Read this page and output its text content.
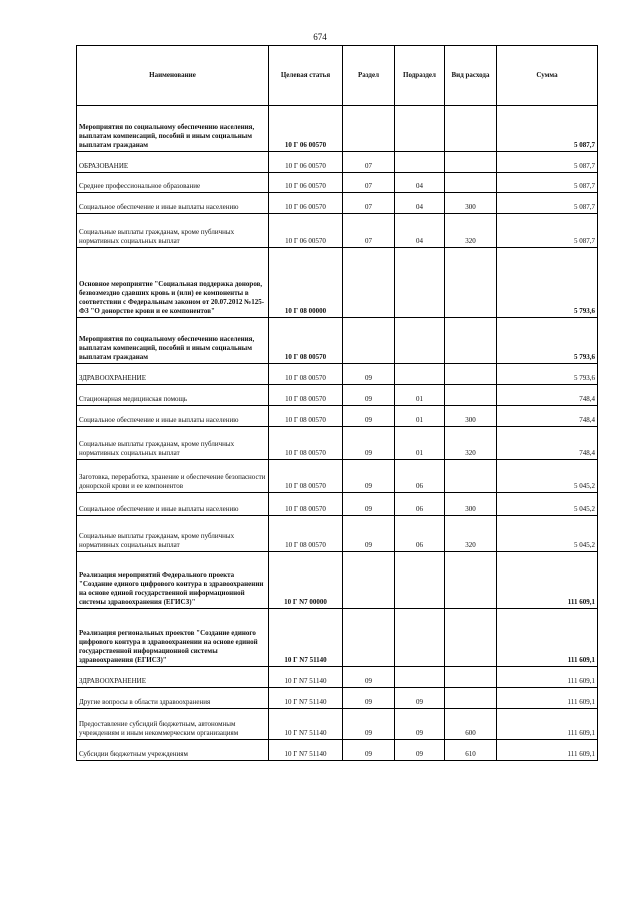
674
Наименование	Целевая статья	Раздел	Подраздел	Вид расхода	Сумма
Мероприятия по социальному обеспечению населения, выплатам компенсаций, пособий и иным социальным выплатам гражданам	10 Г 06 00570				5 087,7
ОБРАЗОВАНИЕ	10 Г 06 00570	07			5 087,7
Среднее профессиональное образование	10 Г 06 00570	07	04		5 087,7
Социальное обеспечение и иные выплаты населению	10 Г 06 00570	07	04	300	5 087,7
Социальные выплаты гражданам, кроме публичных нормативных социальных выплат	10 Г 06 00570	07	04	320	5 087,7
Основное мероприятие "Социальная поддержка доноров, безвозмездно сдавших кровь и (или) ее компоненты в соответствии с Федеральным законом от 20.07.2012 №125-ФЗ "О донорстве крови и ее компонентов"	10 Г 08 00000				5 793,6
Мероприятия по социальному обеспечению населения, выплатам компенсаций, пособий и иным социальным выплатам гражданам	10 Г 08 00570				5 793,6
ЗДРАВООХРАНЕНИЕ	10 Г 08 00570	09			5 793,6
Стационарная медицинская помощь	10 Г 08 00570	09	01		748,4
Социальное обеспечение и иные выплаты населению	10 Г 08 00570	09	01	300	748,4
Социальные выплаты гражданам, кроме публичных нормативных социальных выплат	10 Г 08 00570	09	01	320	748,4
Заготовка, переработка, хранение и обеспечение безопасности донорской крови и ее компонентов	10 Г 08 00570	09	06		5 045,2
Социальное обеспечение и иные выплаты населению	10 Г 08 00570	09	06	300	5 045,2
Социальные выплаты гражданам, кроме публичных нормативных социальных выплат	10 Г 08 00570	09	06	320	5 045,2
Реализация мероприятий Федерального проекта "Создание единого цифрового контура в здравоохранении на основе единой государственной информационной системы здравоохранения (ЕГИСЗ)"	10 Г N7 00000				111 609,1
Реализация региональных проектов "Создание единого цифрового контура в здравоохранении на основе единой государственной информационной системы здравоохранения (ЕГИСЗ)"	10 Г N7 51140				111 609,1
ЗДРАВООХРАНЕНИЕ	10 Г N7 51140	09			111 609,1
Другие вопросы в области здравоохранения	10 Г N7 51140	09	09		111 609,1
Предоставление субсидий бюджетным, автономным учреждениям и иным некоммерческим организациям	10 Г N7 51140	09	09	600	111 609,1
Субсидии бюджетным учреждениям	10 Г N7 51140	09	09	610	111 609,1
